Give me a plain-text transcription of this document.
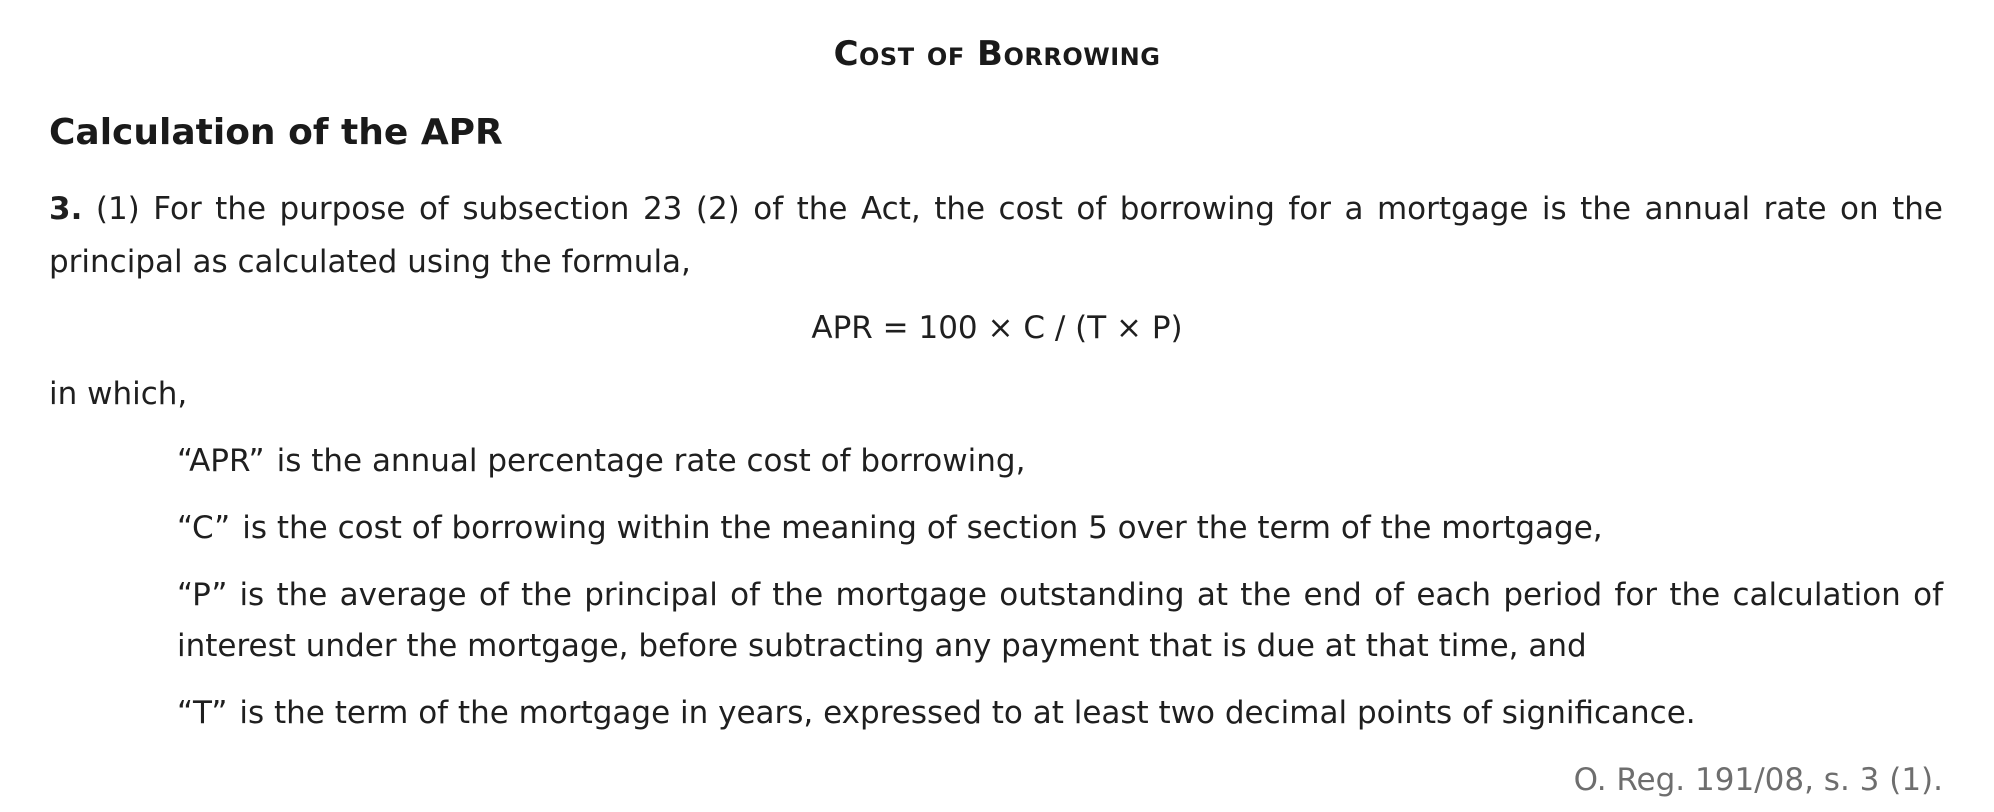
Cost of Borrowing
Calculation of the APR

3. (1) For the purpose of subsection 23 (2) of the Act, the cost of borrowing for a mortgage is the annual rate on the principal as calculated using the formula,

APR = 100 × C / (T × P)

in which,

“APR” is the annual percentage rate cost of borrowing,

“C” is the cost of borrowing within the meaning of section 5 over the term of the mortgage,

“P” is the average of the principal of the mortgage outstanding at the end of each period for the calculation of interest under the mortgage, before subtracting any payment that is due at that time, and

“T” is the term of the mortgage in years, expressed to at least two decimal points of significance.

O. Reg. 191/08, s. 3 (1).
